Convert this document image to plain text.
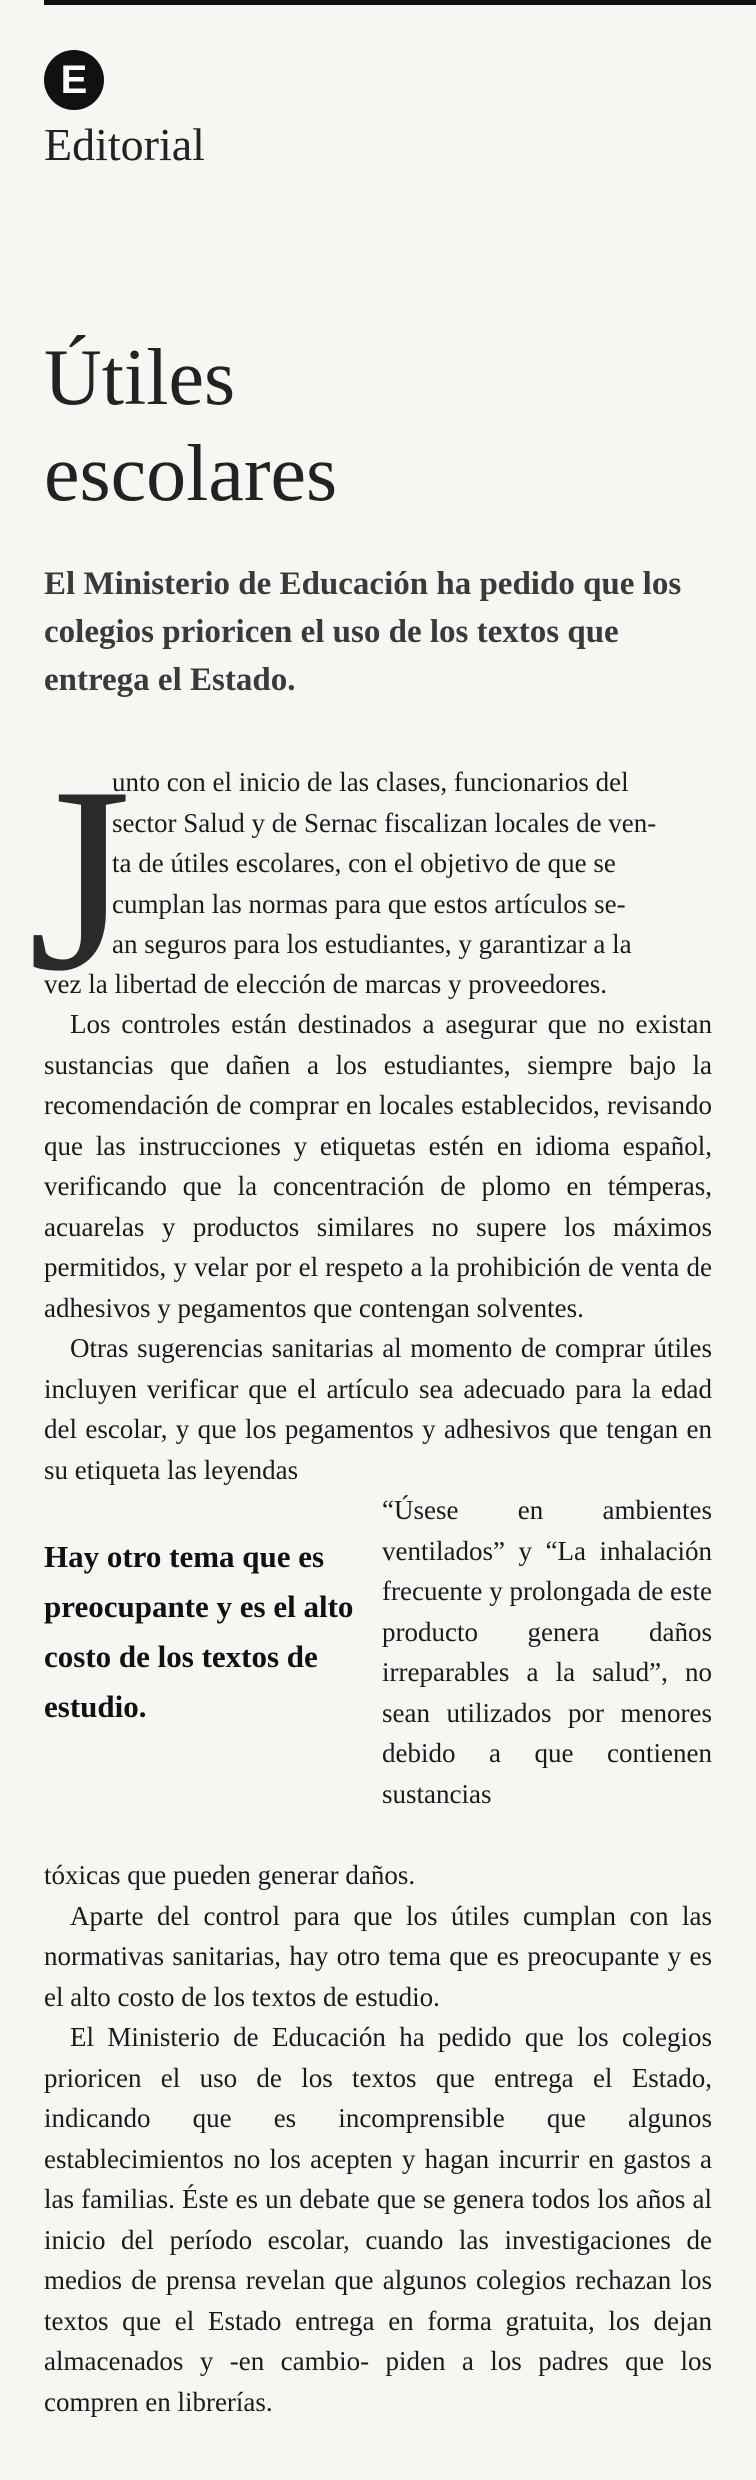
E
Editorial
Útiles
escolares
El Ministerio de Educación ha pedido que los colegios prioricen el uso de los textos que entrega el Estado.
J
unto con el inicio de las clases, funcionarios del
sector Salud y de Sernac fiscalizan locales de ven-
ta de útiles escolares, con el objetivo de que se
cumplan las normas para que estos artículos se-
an seguros para los estudiantes, y garantizar a la
vez la libertad de elección de marcas y proveedores.

Los controles están destinados a asegurar que no existan sustancias que dañen a los estudiantes, siempre bajo la recomendación de comprar en locales establecidos, revisando que las instrucciones y etiquetas estén en idioma español, verificando que la concentración de plomo en témperas, acuarelas y productos similares no supere los máximos permitidos, y velar por el respeto a la prohibición de venta de adhesivos y pegamentos que contengan solventes.

Otras sugerencias sanitarias al momento de comprar útiles incluyen verificar que el artículo sea adecuado para la edad del escolar, y que los pegamentos y adhesivos que tengan en su etiqueta las leyendas

Hay otro tema que es preocupante y es el alto costo de los textos de estudio.
“Úsese en ambientes ventilados” y “La inhalación frecuente y prolongada de este producto genera daños irreparables a la salud”, no sean utilizados por menores debido a que contienen sustancias

tóxicas que pueden generar daños.

Aparte del control para que los útiles cumplan con las normativas sanitarias, hay otro tema que es preocupante y es el alto costo de los textos de estudio.

El Ministerio de Educación ha pedido que los colegios prioricen el uso de los textos que entrega el Estado, indicando que es incomprensible que algunos establecimientos no los acepten y hagan incurrir en gastos a las familias. Éste es un debate que se genera todos los años al inicio del período escolar, cuando las investigaciones de medios de prensa revelan que algunos colegios rechazan los textos que el Estado entrega en forma gratuita, los dejan almacenados y -en cambio- piden a los padres que los compren en librerías.
